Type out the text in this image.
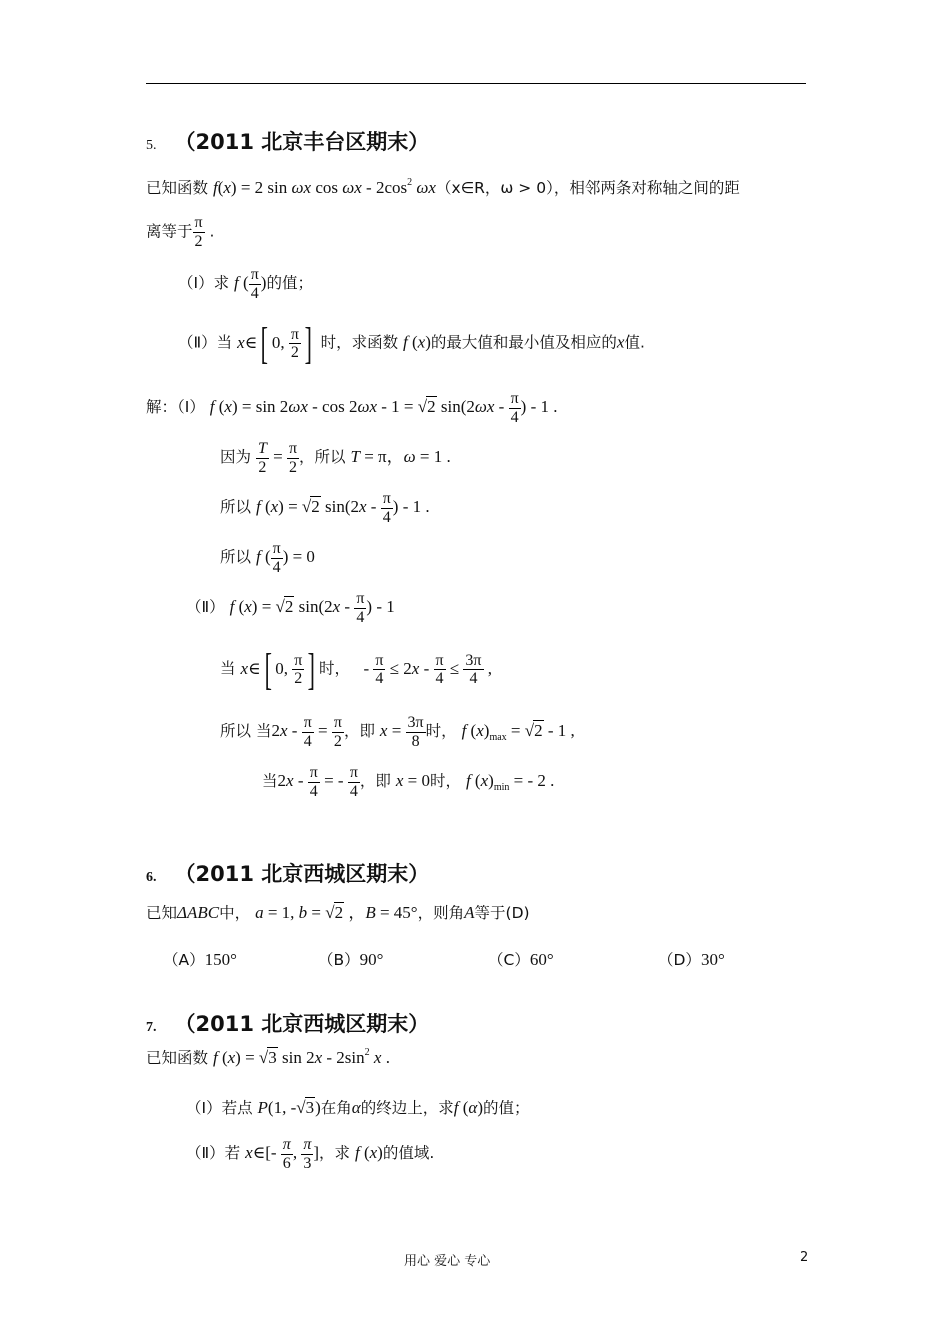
5. （2011 北京丰台区期末）
已知函数 f(x) = 2 sin ωx cos ωx - $2\cos^2$ ωx（x∈R，ω > 0），相邻两条对称轴之间的距
离等于 $\frac{\pi}{2}$ .
（Ⅰ）求 f ( $\frac{\pi}{4}$ )的值；
（Ⅱ）当 x∈[ 0, $\frac{\pi}{2}$ ] 时，求函数 f (x)的最大值和最小值及相应的x值.
解：（Ⅰ） f (x) = sin 2ωx - cos 2ωx - 1 = √2 $\sin(2\omega x - \frac{\pi}{4}$ ) - 1 .
因为 $\frac{T}{2} = \frac{\pi}{2}$ ，所以 T = π，ω = 1 .
所以 f (x) = √2 $\sin(2x - \frac{\pi}{4}$ ) - 1 .
所以 f ( $\frac{\pi}{4}$ ) = 0
（Ⅱ） f (x) = √2 $\sin(2x - \frac{\pi}{4}$ ) - 1
当 x∈[ 0, $\frac{\pi}{2}$ ] 时，   - $\frac{\pi}{4} \le 2x - \frac{\pi}{4} \le \frac{3\pi}{4}$ ,
所以 当$2x - \frac{\pi}{4} = \frac{\pi}{2}$ ，即 $x = \frac{3\pi}{8}$ 时， f $(x)_{max} = √2 - 1$ ,
当$2x - \frac{\pi}{4}$ = - $\frac{\pi}{4}$ ，即 x = 0时， f $(x)_{min}$ = - 2 .
6. （2011 北京西城区期末）
已知ΔABC中， a = 1, b = √2 ，B = 45°，则角A等于(D)
（A）150°	（B）90°	（C）60°	（D）30°
7. （2011 北京西城区期末）
已知函数 f (x) = √3 $\sin 2x - 2\sin^2$ x .
（Ⅰ）若点 P(1, -√3)在角α的终边上，求f (α)的值；
（Ⅱ）若 x∈[- $\frac{\pi}{6}$ , $\frac{\pi}{3}$ ]，求 f (x)的值域.
用心 爱心 专心	2
